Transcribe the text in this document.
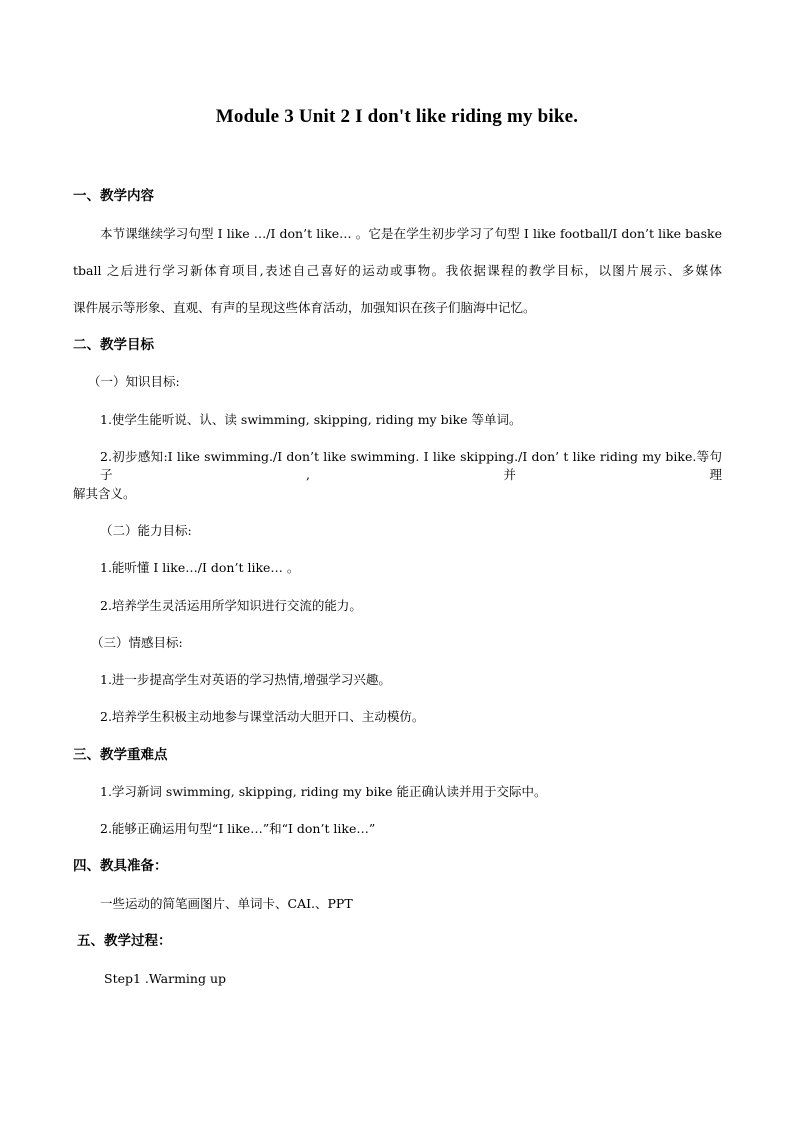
Module 3 Unit 2 I don't like riding my bike.
一、教学内容
本节课继续学习句型 I like …/I don’t like… 。它是在学生初步学习了句型 I like football/I don’t like baske
tball 之后进行学习新体育项目,表述自己喜好的运动或事物。我依据课程的教学目标，以图片展示、多媒体
课件展示等形象、直观、有声的呈现这些体育活动，加强知识在孩子们脑海中记忆。
二、教学目标
（一）知识目标:
1.使学生能听说、认、读 swimming, skipping, riding my bike 等单词。
2.初步感知:I like swimming./I don’t like swimming. I like skipping./I don’ t like riding my bike.等句子,并理
解其含义。
（二）能力目标:
1.能听懂 I like…/I don’t like… 。
2.培养学生灵活运用所学知识进行交流的能力。
（三）情感目标:
1.进一步提高学生对英语的学习热情,增强学习兴趣。
2.培养学生积极主动地参与课堂活动大胆开口、主动模仿。
三、教学重难点
1.学习新词 swimming, skipping, riding my bike 能正确认读并用于交际中。
2.能够正确运用句型“I like…”和“I don’t like…”
四、教具准备：
一些运动的简笔画图片、单词卡、CAI.、PPT
五、教学过程：
Step1 .Warming up
